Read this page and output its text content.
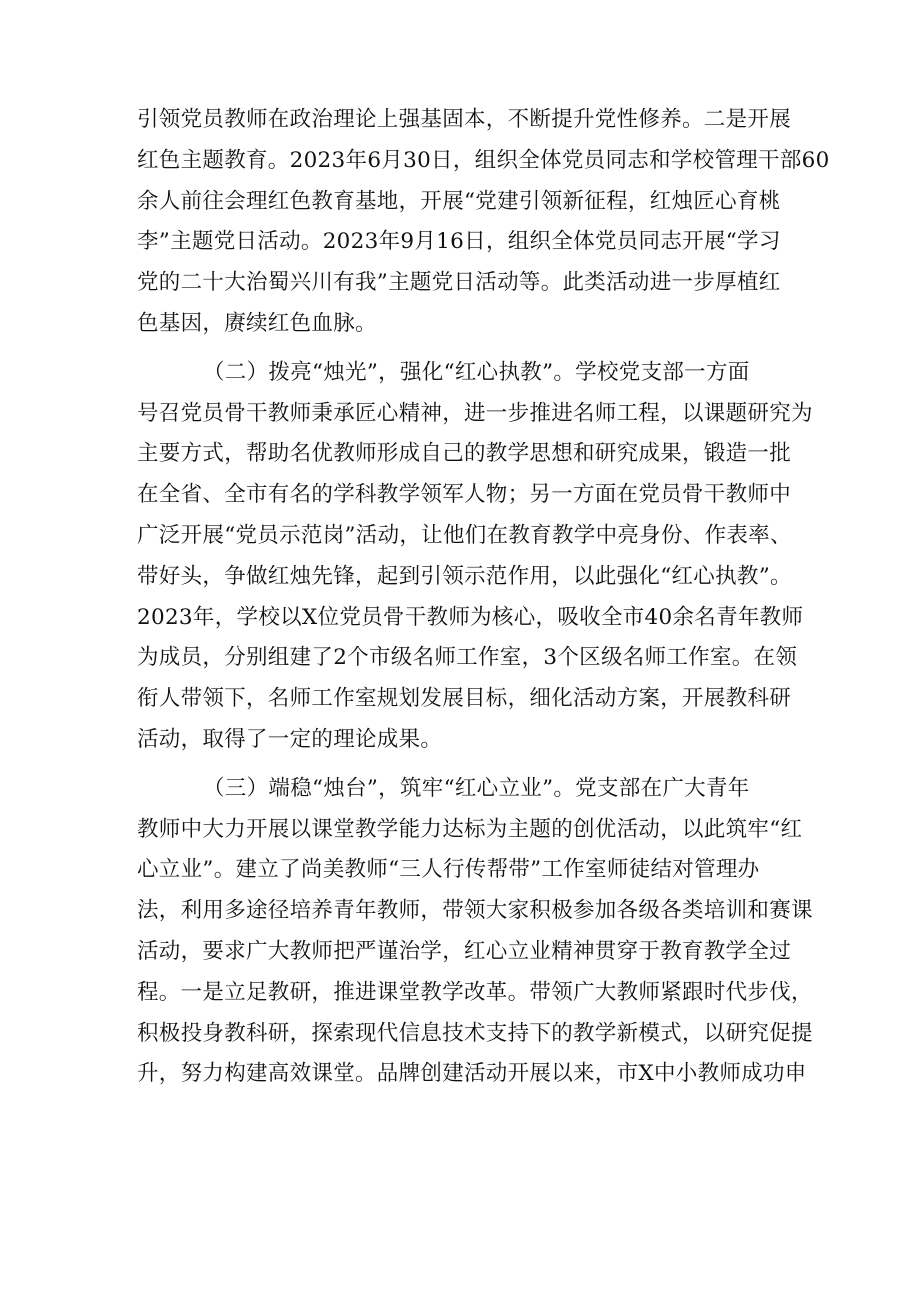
引领党员教师在政治理论上强基固本，不断提升党性修养。二是开展
红色主题教育。2023年6月30日，组织全体党员同志和学校管理干部60
余人前往会理红色教育基地，开展“党建引领新征程，红烛匠心育桃
李”主题党日活动。2023年9月16日，组织全体党员同志开展“学习
党的二十大治蜀兴川有我”主题党日活动等。此类活动进一步厚植红
色基因，赓续红色血脉。
（二）拨亮“烛光”，强化“红心执教”。学校党支部一方面
号召党员骨干教师秉承匠心精神，进一步推进名师工程，以课题研究为
主要方式，帮助名优教师形成自己的教学思想和研究成果，锻造一批
在全省、全市有名的学科教学领军人物；另一方面在党员骨干教师中
广泛开展“党员示范岗”活动，让他们在教育教学中亮身份、作表率、
带好头，争做红烛先锋，起到引领示范作用，以此强化“红心执教”。
2023年，学校以X位党员骨干教师为核心，吸收全市40余名青年教师
为成员，分别组建了2个市级名师工作室，3个区级名师工作室。在领
衔人带领下，名师工作室规划发展目标，细化活动方案，开展教科研
活动，取得了一定的理论成果。
（三）端稳“烛台”，筑牢“红心立业”。党支部在广大青年
教师中大力开展以课堂教学能力达标为主题的创优活动，以此筑牢“红
心立业”。建立了尚美教师“三人行传帮带”工作室师徒结对管理办
法，利用多途径培养青年教师，带领大家积极参加各级各类培训和赛课
活动，要求广大教师把严谨治学，红心立业精神贯穿于教育教学全过
程。一是立足教研，推进课堂教学改革。带领广大教师紧跟时代步伐，
积极投身教科研，探索现代信息技术支持下的教学新模式，以研究促提
升，努力构建高效课堂。品牌创建活动开展以来，市X中小教师成功申
